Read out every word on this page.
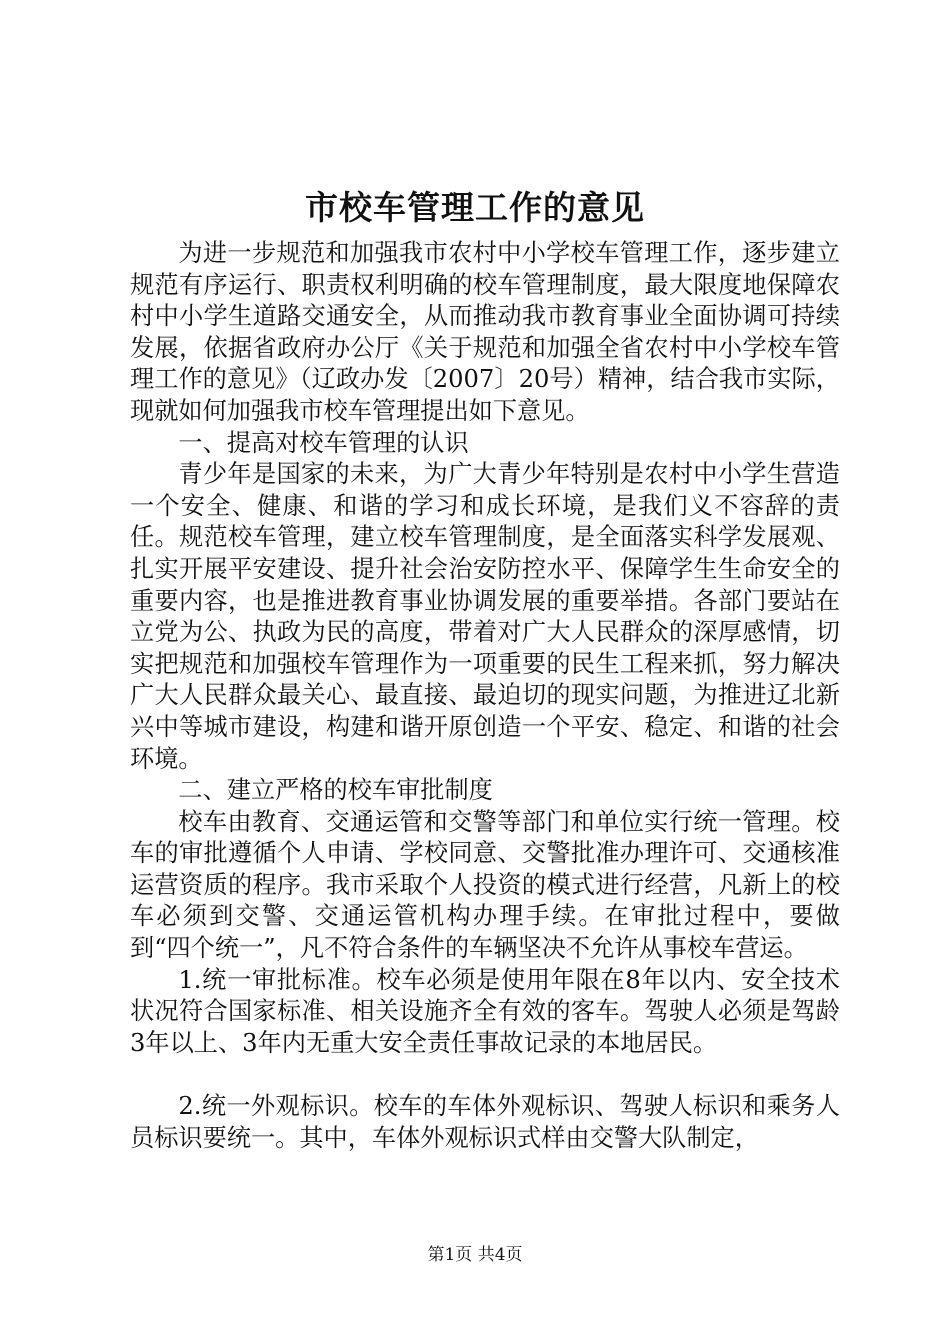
市校车管理工作的意见

为进一步规范和加强我市农村中小学校车管理工作，逐步建立规范有序运行、职责权利明确的校车管理制度，最大限度地保障农村中小学生道路交通安全，从而推动我市教育事业全面协调可持续发展，依据省政府办公厅《关于规范和加强全省农村中小学校车管理工作的意见》（辽政办发〔2007〕20号）精神，结合我市实际，现就如何加强我市校车管理提出如下意见。

一、提高对校车管理的认识

青少年是国家的未来，为广大青少年特别是农村中小学生营造一个安全、健康、和谐的学习和成长环境，是我们义不容辞的责任。规范校车管理，建立校车管理制度，是全面落实科学发展观、扎实开展平安建设、提升社会治安防控水平、保障学生生命安全的重要内容，也是推进教育事业协调发展的重要举措。各部门要站在立党为公、执政为民的高度，带着对广大人民群众的深厚感情，切实把规范和加强校车管理作为一项重要的民生工程来抓，努力解决广大人民群众最关心、最直接、最迫切的现实问题，为推进辽北新兴中等城市建设，构建和谐开原创造一个平安、稳定、和谐的社会环境。

二、建立严格的校车审批制度

校车由教育、交通运管和交警等部门和单位实行统一管理。校车的审批遵循个人申请、学校同意、交警批准办理许可、交通核准运营资质的程序。我市采取个人投资的模式进行经营，凡新上的校车必须到交警、交通运管机构办理手续。在审批过程中，要做到“四个统一”，凡不符合条件的车辆坚决不允许从事校车营运。

1.统一审批标准。校车必须是使用年限在8年以内、安全技术状况符合国家标准、相关设施齐全有效的客车。驾驶人必须是驾龄3年以上、3年内无重大安全责任事故记录的本地居民。

2.统一外观标识。校车的车体外观标识、驾驶人标识和乘务人员标识要统一。其中，车体外观标识式样由交警大队制定，

第1页 共4页
